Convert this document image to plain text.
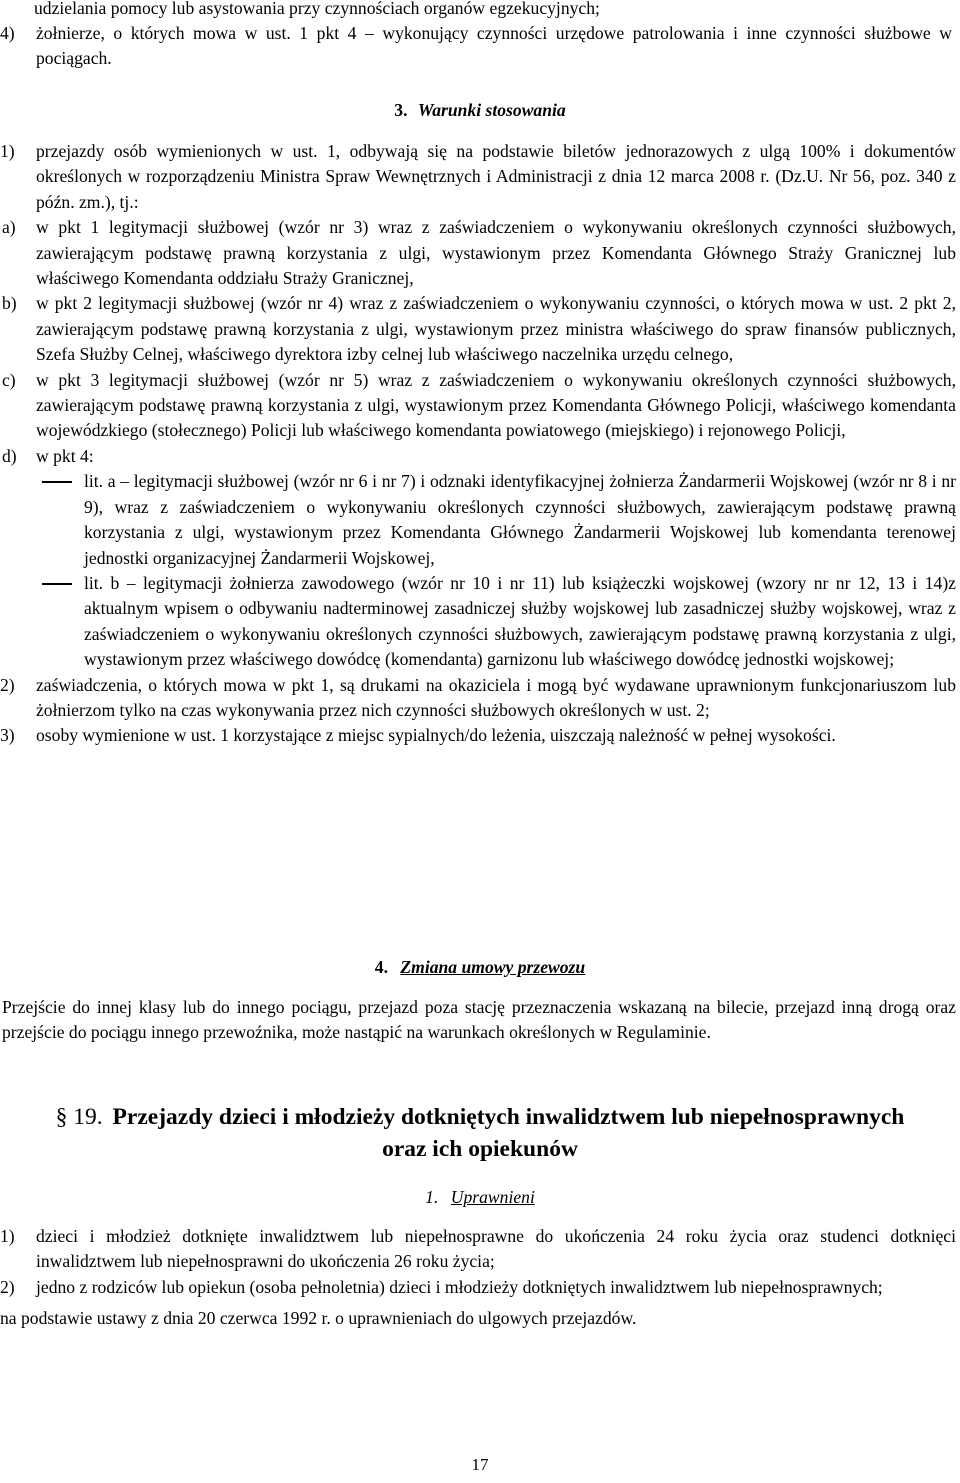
udzielania pomocy lub asystowania przy czynnościach organów egzekucyjnych;

4)	żołnierze, o których mowa w ust. 1 pkt 4 – wykonujący czynności urzędowe patrolowania i inne czynności służbowe w pociągach.
3. Warunki stosowania
1)	przejazdy osób wymienionych w ust. 1, odbywają się na podstawie biletów jednorazowych z ulgą 100% i dokumentów określonych w rozporządzeniu Ministra Spraw Wewnętrznych i Administracji z dnia 12 marca 2008 r. (Dz.U. Nr 56, poz. 340 z późn. zm.), tj.:
a)	w pkt 1 legitymacji służbowej (wzór nr 3) wraz z zaświadczeniem o wykonywaniu określonych czynności służbowych, zawierającym podstawę prawną korzystania z ulgi, wystawionym przez Komendanta Głównego Straży Granicznej lub właściwego Komendanta oddziału Straży Granicznej,
b)	w pkt 2 legitymacji służbowej (wzór nr 4) wraz z zaświadczeniem o wykonywaniu czynności, o których mowa w ust. 2 pkt 2, zawierającym podstawę prawną korzystania z ulgi, wystawionym przez ministra właściwego do spraw finansów publicznych, Szefa Służby Celnej, właściwego dyrektora izby celnej lub właściwego naczelnika urzędu celnego,
c)	w pkt 3 legitymacji służbowej (wzór nr 5) wraz z zaświadczeniem o wykonywaniu określonych czynności służbowych, zawierającym podstawę prawną korzystania z ulgi, wystawionym przez Komendanta Głównego Policji, właściwego komendanta wojewódzkiego (stołecznego) Policji lub właściwego komendanta powiatowego (miejskiego) i rejonowego Policji,
d)	w pkt 4:
lit. a – legitymacji służbowej (wzór nr 6 i nr 7) i odznaki identyfikacyjnej żołnierza Żandarmerii Wojskowej (wzór nr 8 i nr 9), wraz z zaświadczeniem o wykonywaniu określonych czynności służbowych, zawierającym podstawę prawną korzystania z ulgi, wystawionym przez Komendanta Głównego Żandarmerii Wojskowej lub komendanta terenowej jednostki organizacyjnej Żandarmerii Wojskowej,
lit. b – legitymacji żołnierza zawodowego (wzór nr 10 i nr 11) lub książeczki wojskowej (wzory nr nr 12, 13 i 14)z aktualnym wpisem o odbywaniu nadterminowej zasadniczej służby wojskowej lub zasadniczej służby wojskowej, wraz z zaświadczeniem o wykonywaniu określonych czynności służbowych, zawierającym podstawę prawną korzystania z ulgi, wystawionym przez właściwego dowódcę (komendanta) garnizonu lub właściwego dowódcę jednostki wojskowej;
2)	zaświadczenia, o których mowa w pkt 1, są drukami na okaziciela i mogą być wydawane uprawnionym funkcjonariuszom lub żołnierzom tylko na czas wykonywania przez nich czynności służbowych określonych w ust. 2;
3)	osoby wymienione w ust. 1 korzystające z miejsc sypialnych/do leżenia, uiszczają należność w pełnej wysokości.
4. Zmiana umowy przewozu
Przejście do innej klasy lub do innego pociągu, przejazd poza stację przeznaczenia wskazaną na bilecie, przejazd inną drogą oraz przejście do pociągu innego przewoźnika, może nastąpić na warunkach określonych w Regulaminie.
§ 19. Przejazdy dzieci i młodzieży dotkniętych inwalidztwem lub niepełnosprawnych
oraz ich opiekunów
1. Uprawnieni
1)	dzieci i młodzież dotknięte inwalidztwem lub niepełnosprawne do ukończenia 24 roku życia oraz studenci dotknięci inwalidztwem lub niepełnosprawni do ukończenia 26 roku życia;
2)	jedno z rodziców lub opiekun (osoba pełnoletnia) dzieci i młodzieży dotkniętych inwalidztwem lub niepełnosprawnych;

na podstawie ustawy z dnia 20 czerwca 1992 r. o uprawnieniach do ulgowych przejazdów.

17
